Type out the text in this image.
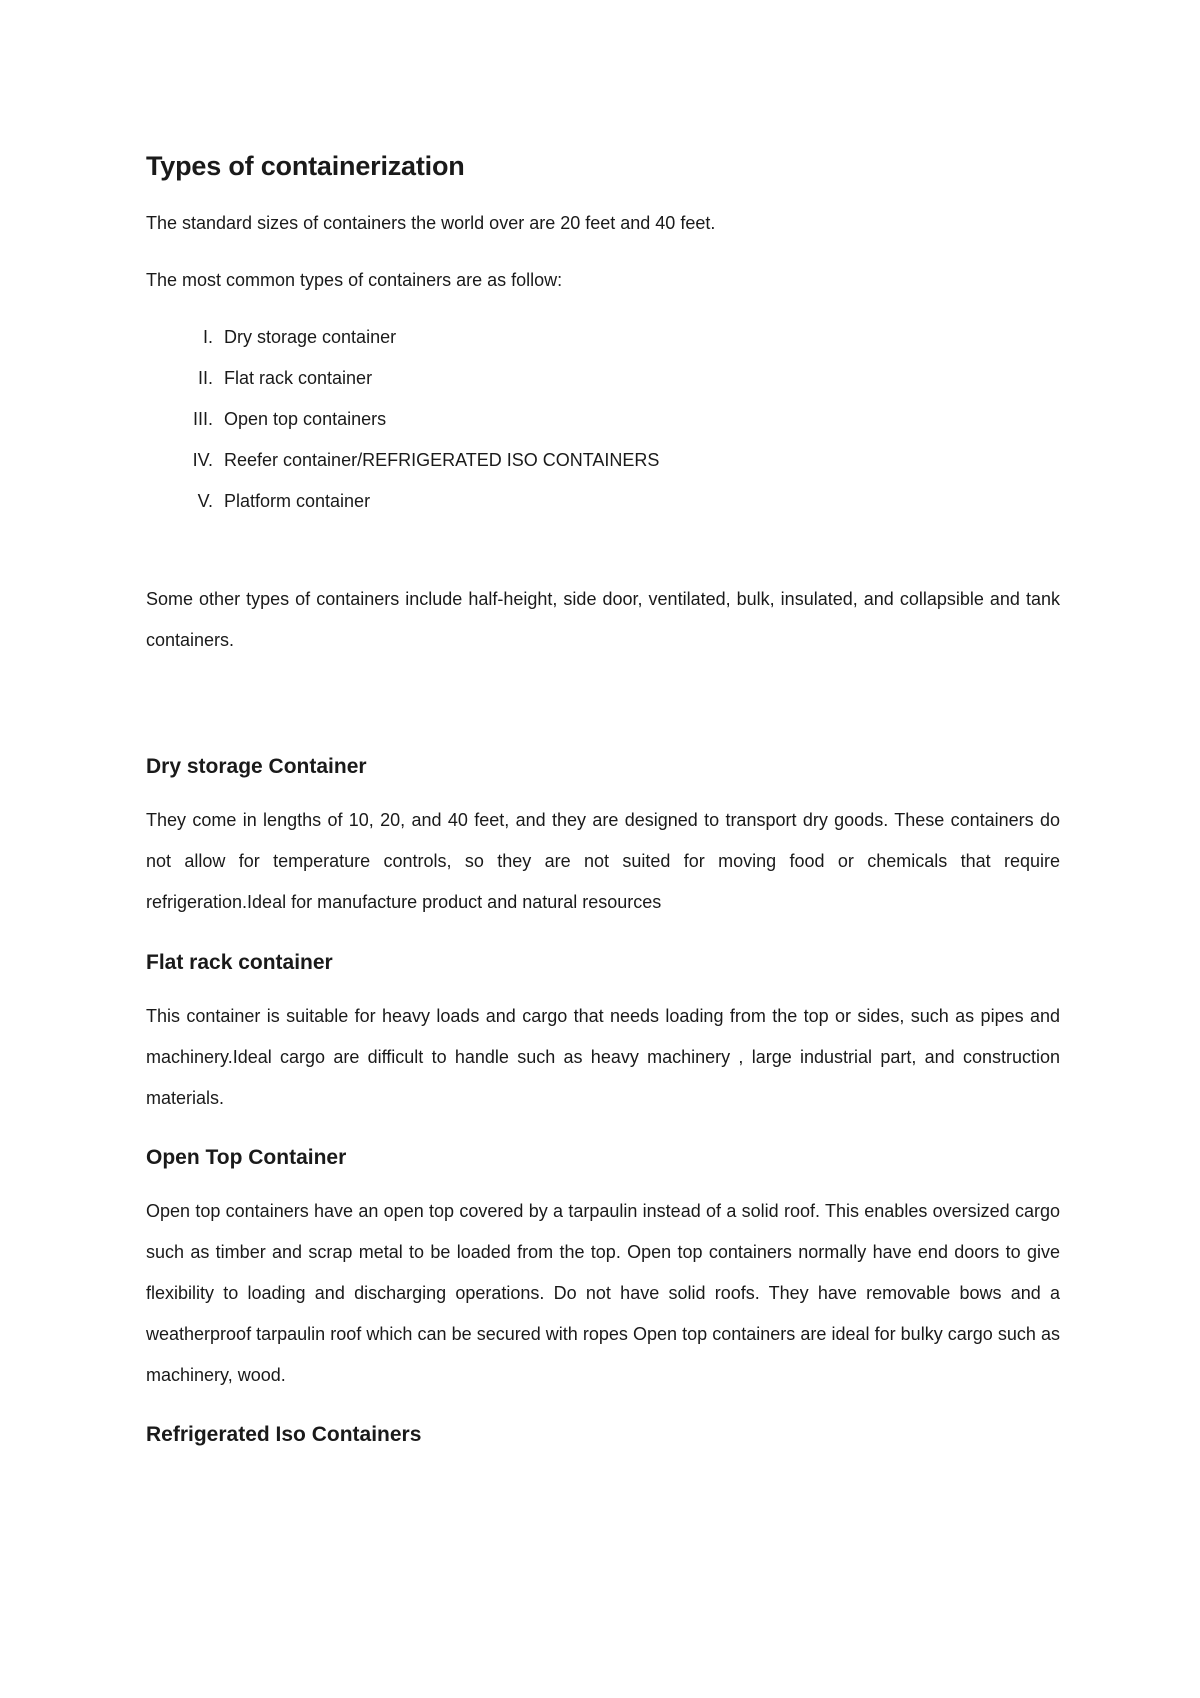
Types of containerization

The standard sizes of containers the world over are 20 feet and 40 feet.

The most common types of containers are as follow:

I. Dry storage container
II. Flat rack container
III. Open top containers
IV. Reefer container/REFRIGERATED ISO CONTAINERS
V. Platform container

Some other types of containers include half-height, side door, ventilated, bulk, insulated, and collapsible and tank containers.

Dry storage Container

They come in lengths of 10, 20, and 40 feet, and they are designed to transport dry goods. These containers do not allow for temperature controls, so they are not suited for moving food or chemicals that require refrigeration.Ideal for manufacture product and natural resources

Flat rack container

This container is suitable for heavy loads and cargo that needs loading from the top or sides, such as pipes and machinery.Ideal cargo are difficult to handle such as heavy machinery , large industrial part, and construction materials.

Open Top Container

Open top containers have an open top covered by a tarpaulin instead of a solid roof. This enables oversized cargo such as timber and scrap metal to be loaded from the top. Open top containers normally have end doors to give flexibility to loading and discharging operations. Do not have solid roofs. They have removable bows and a weatherproof tarpaulin roof which can be secured with ropes Open top containers are ideal for bulky cargo such as machinery, wood.

Refrigerated Iso Containers
